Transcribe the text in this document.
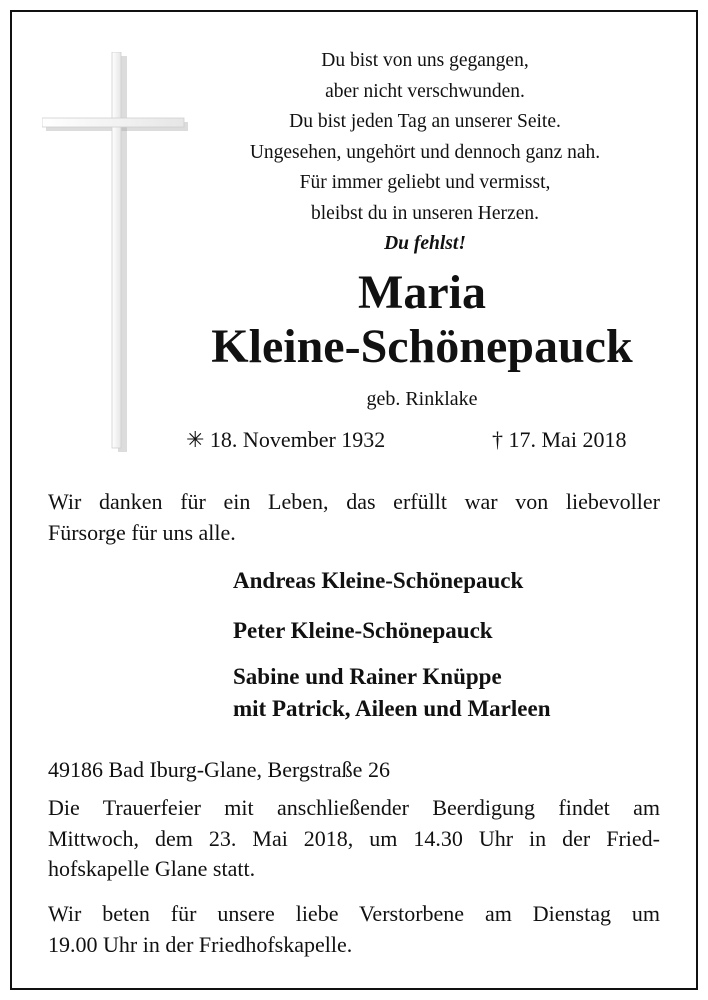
Du bist von uns gegangen,
aber nicht verschwunden.
Du bist jeden Tag an unserer Seite.
Ungesehen, ungehört und dennoch ganz nah.
Für immer geliebt und vermisst,
bleibst du in unseren Herzen.
Du fehlst!
Maria
Kleine-Schönepauck
geb. Rinklake
✳ 18. November 1932	† 17. Mai 2018
Wir danken für ein Leben, das erfüllt war von liebevoller
Fürsorge für uns alle.
Andreas Kleine-Schönepauck
Peter Kleine-Schönepauck
Sabine und Rainer Knüppe
mit Patrick, Aileen und Marleen
49186 Bad Iburg-Glane, Bergstraße 26
Die Trauerfeier mit anschließender Beerdigung findet am
Mittwoch, dem 23. Mai 2018, um 14.30 Uhr in der Fried-
hofskapelle Glane statt.
Wir beten für unsere liebe Verstorbene am Dienstag um
19.00 Uhr in der Friedhofskapelle.
